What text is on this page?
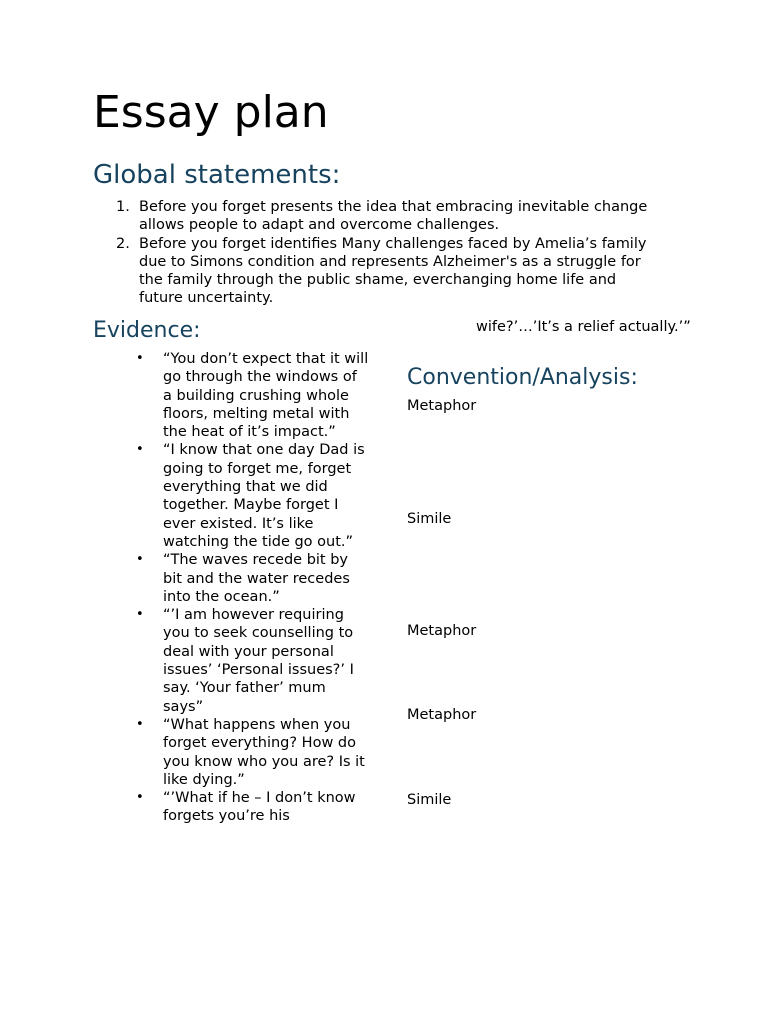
Essay plan
Global statements:
1. Before you forget presents the idea that embracing inevitable change allows people to adapt and overcome challenges.
2. Before you forget identifies Many challenges faced by Amelia’s family due to Simons condition and represents Alzheimer's as a struggle for the family through the public shame, everchanging home life and future uncertainty.
Evidence:
• “You don’t expect that it will go through the windows of a building crushing whole floors, melting metal with the heat of it’s impact.”
• “I know that one day Dad is going to forget me, forget everything that we did together. Maybe forget I ever existed. It’s like watching the tide go out.”
• “The waves recede bit by bit and the water recedes into the ocean.”
• “’I am however requiring you to seek counselling to deal with your personal issues’ ‘Personal issues?’ I say. ‘Your father’ mum says”
• “What happens when you forget everything? How do you know who you are? Is it like dying.”
• “’What if he – I don’t know forgets you’re his

wife?’…’It’s a relief actually.’”

Convention/Analysis:

Metaphor

Simile

Metaphor

Metaphor

Simile
